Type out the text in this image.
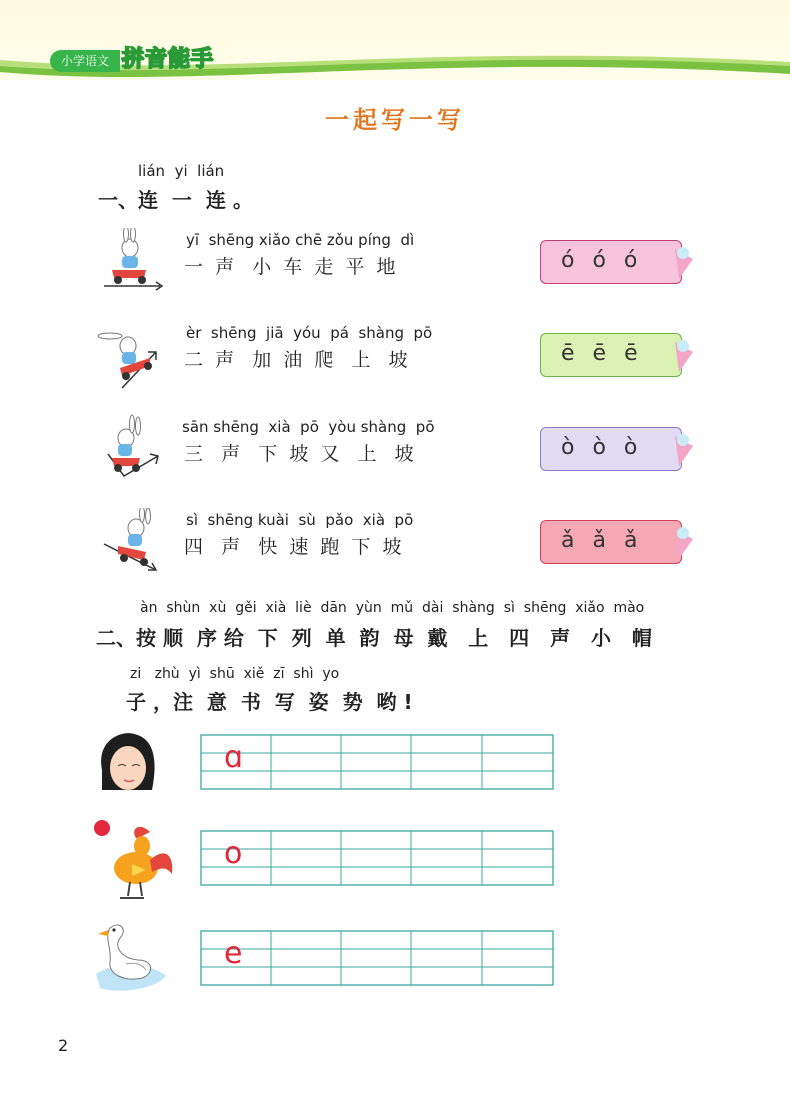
小学语文 拼音能手
一起写一写
lián  yi  lián
一、连  一  连 。
yī  shēng xiǎo chē zǒu píng  dì
一  声   小  车  走  平  地	óóó
èr  shēng  jiā  yóu  pá  shàng  pō
二  声   加  油  爬   上   坡	ēēē
sān shēng  xià  pō  yòu shàng  pō
三   声   下  坡  又   上   坡	òòò
sì  shēng kuài  sù  pǎo  xià  pō
四   声   快  速  跑  下  坡	ǎǎǎ
àn  shùn  xù  gěi  xià  liè  dān  yùn  mǔ  dài  shàng  sì  shēng  xiǎo  mào
二、按 顺  序 给  下  列  单  韵  母  戴   上   四   声   小   帽
zi   zhù  yì  shū  xiě  zī  shì  yo
子 ，注  意  书  写  姿  势  哟 !
ɑ
o
e
2
